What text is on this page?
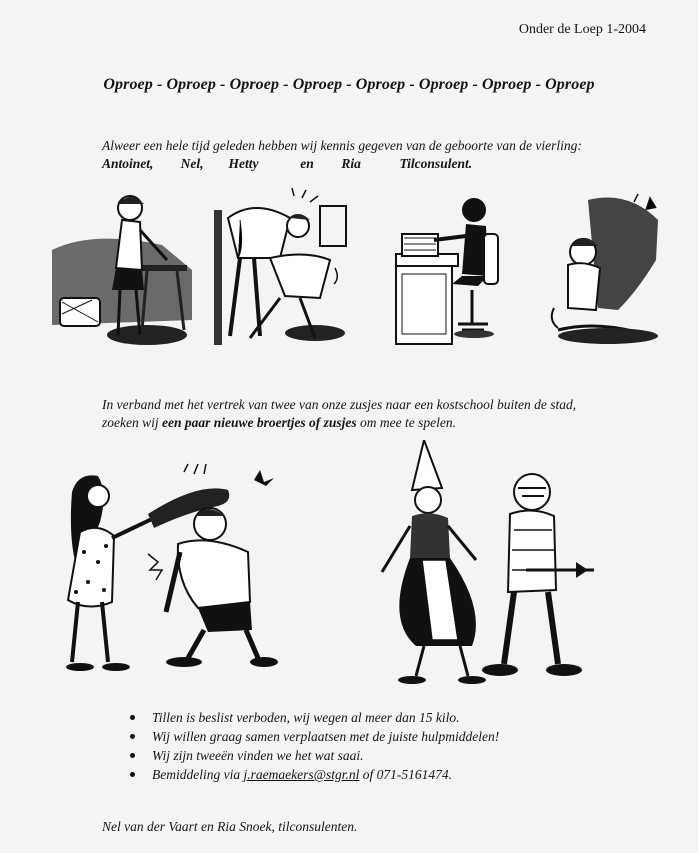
Onder de Loep 1-2004
Oproep - Oproep - Oproep - Oproep - Oproep - Oproep - Oproep - Oproep
Alweer een hele tijd geleden hebben wij kennis gegeven van de geboorte van de vierling:
Antoinet,	Nel,	Hetty	en	Ria	Tilconsulent.
In verband met het vertrek van twee van onze zusjes naar een kostschool buiten de stad,
zoeken wij een paar nieuwe broertjes of zusjes om mee te spelen.
Tillen is beslist verboden, wij wegen al meer dan 15 kilo.
Wij willen graag samen verplaatsen met de juiste hulpmiddelen!
Wij zijn tweeën vinden we het wat saai.
Bemiddeling via j.raemaekers@stgr.nl of 071-5161474.
Nel van der Vaart en Ria Snoek, tilconsulenten.
